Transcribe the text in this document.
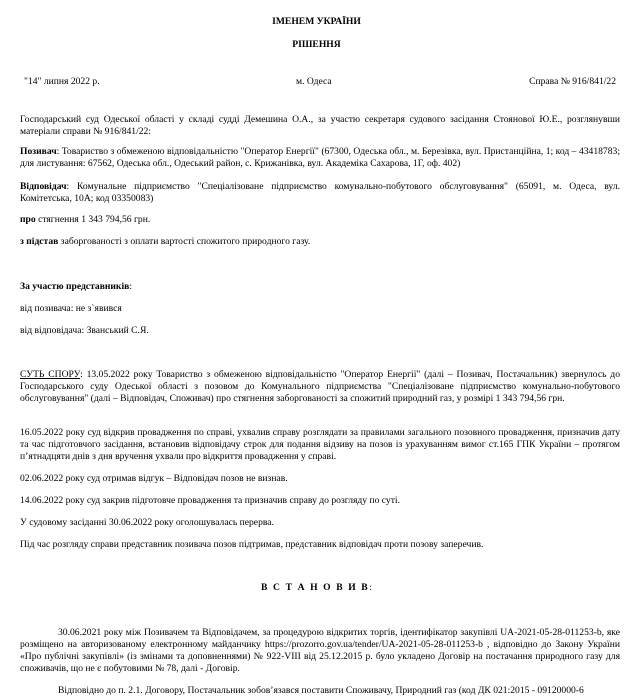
ІМЕНЕМ УКРАЇНИ
РІШЕННЯ
"14" липня 2022 р.	м. Одеса	Справа № 916/841/22

Господарський суд Одеської області у складі судді Демешина О.А., за участю секретаря судового засідання Стоянової Ю.Е., розглянувши матеріали справи № 916/841/22:

Позивач: Товариство з обмеженою відповідальністю "Оператор Енергії" (67300, Одеська обл., м. Березівка, вул. Пристанційна, 1; код – 43418783; для листування: 67562, Одеська обл., Одеський район, с. Крижанівка, вул. Академіка Сахарова, 1Г, оф. 402)

Відповідач: Комунальне підприємство "Спеціалізоване підприємство комунально-побутового обслуговування" (65091, м. Одеса, вул. Комітетська, 10А; код 03350083)

про стягнення 1 343 794,56 грн.

з підстав заборгованості з оплати вартості спожитого природного газу.

За участю представників:

від позивача: не з`явився

від відповідача: Званський С.Я.

СУТЬ СПОРУ: 13.05.2022 року Товариство з обмеженою відповідальністю "Оператор Енергії" (далі – Позивач, Постачальник) звернулось до Господарського суду Одеської області з позовом до Комунального підприємства "Спеціалізоване підприємство комунально-побутового обслуговування" (далі – Відповідач, Споживач) про стягнення заборгованості за спожитий природний газ, у розмірі 1 343 794,56 грн.

16.05.2022 року суд відкрив провадження по справі, ухвалив справу розглядати за правилами загального позовного провадження, призначив дату та час підготовчого засідання, встановив відповідачу строк для подання відзиву на позов із урахуванням вимог ст.165 ГПК України – протягом п’ятнадцяти днів з дня вручення ухвали про відкриття провадження у справі.

02.06.2022 року суд отримав відгук – Відповідач позов не визнав.

14.06.2022 року суд закрив підготовче провадження та призначив справу до розгляду по суті.

У судовому засіданні 30.06.2022 року оголошувалась перерва.

Під час розгляду справи представник позивача позов підтримав, представник відповідач проти позову заперечив.

В С Т А Н О В И В:

30.06.2021 року між Позивачем та Відповідачем, за процедурою відкритих торгів, ідентифікатор закупівлі UA-2021-05-28-011253-b, яке розміщено на авторизованому електронному майданчику https://prozorro.gov.ua/tender/UA-2021-05-28-011253-b , відповідно до Закону України «Про публічні закупівлі» (із змінами та доповненнями) № 922-VIII від 25.12.2015 р. було укладено Договір на постачання природного газу для споживачів, що не є побутовими № 78, далі - Договір.

Відповідно до п. 2.1. Договору, Постачальник зобов’язався поставити Споживачу, Природний газ (код ДК 021:2015 - 09120000-6
